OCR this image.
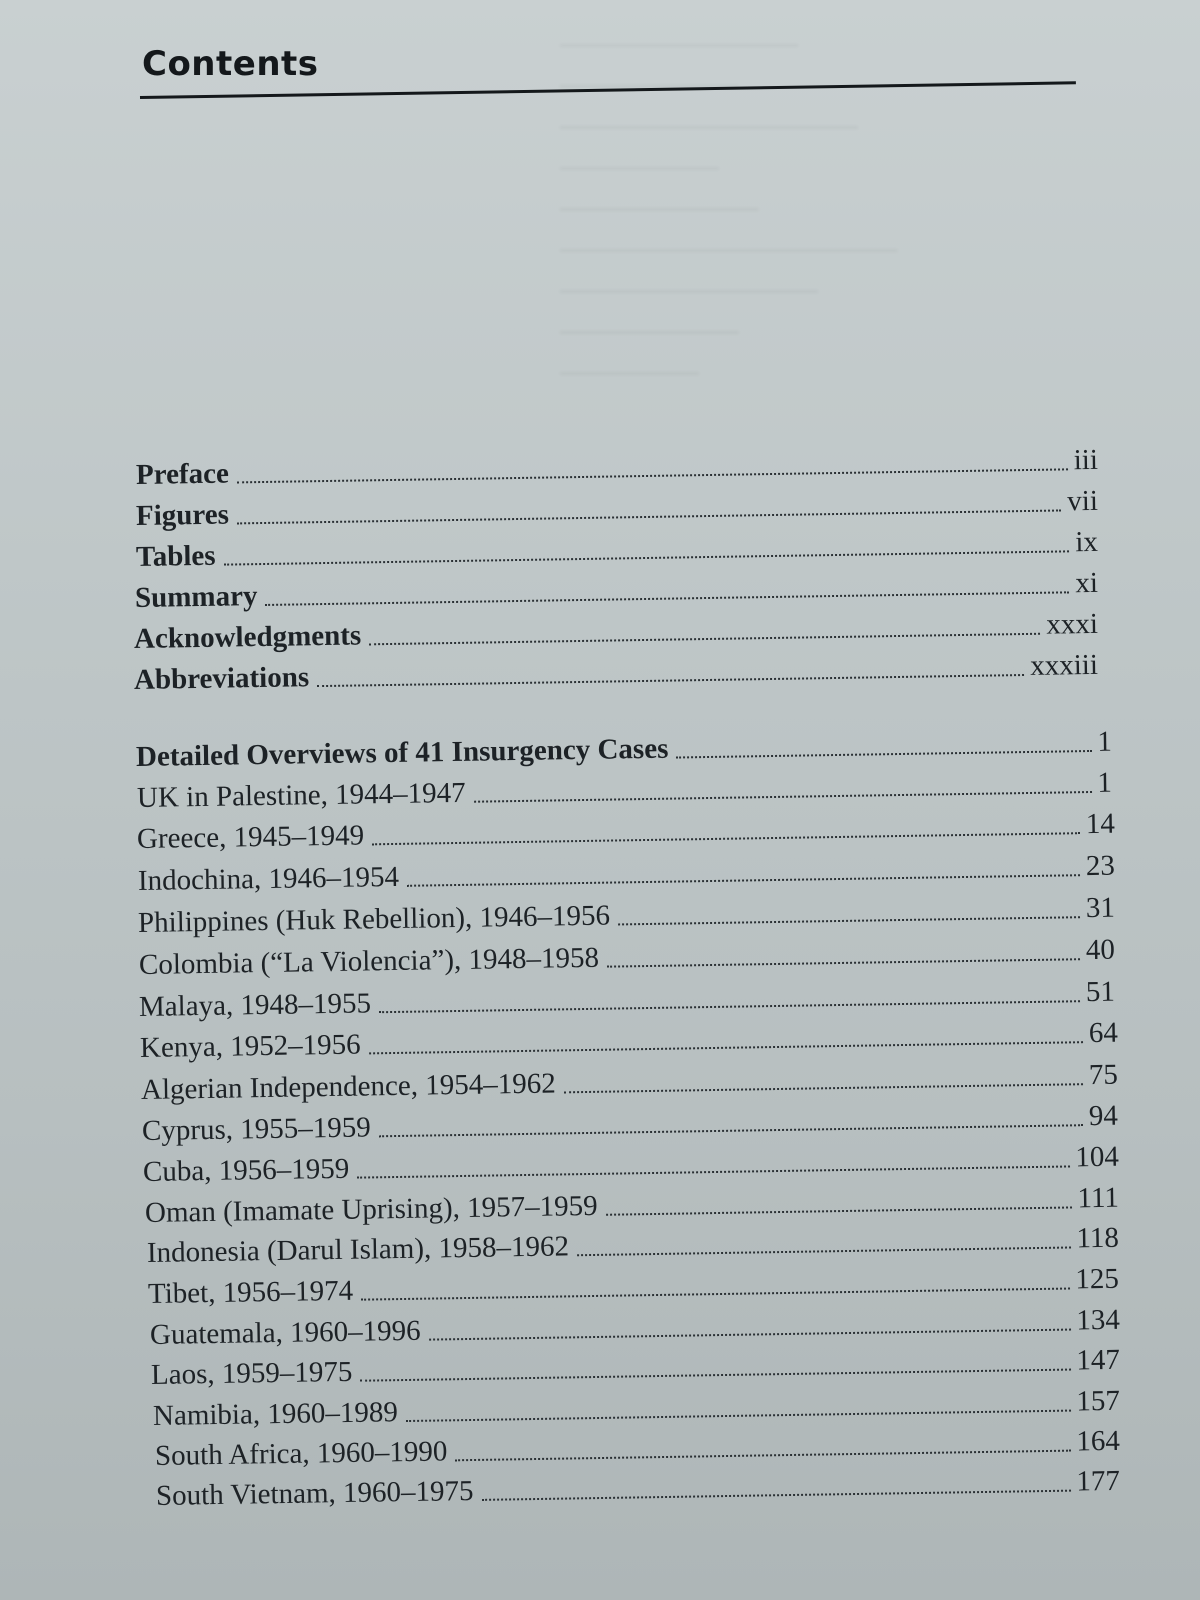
────────────
─────────
───────────────
────────
──────────
─────────────────
─────────────
─────────
───────
Contents
Preface	iii
Figures	vii
Tables	ix
Summary	xi
Acknowledgments	xxxi
Abbreviations	xxxiii
Detailed Overviews of 41 Insurgency Cases	1
UK in Palestine, 1944–1947	1
Greece, 1945–1949	14
Indochina, 1946–1954	23
Philippines (Huk Rebellion), 1946–1956	31
Colombia (“La Violencia”), 1948–1958	40
Malaya, 1948–1955	51
Kenya, 1952–1956	64
Algerian Independence, 1954–1962	75
Cyprus, 1955–1959	94
Cuba, 1956–1959	104
Oman (Imamate Uprising), 1957–1959	111
Indonesia (Darul Islam), 1958–1962	118
Tibet, 1956–1974	125
Guatemala, 1960–1996	134
Laos, 1959–1975	147
Namibia, 1960–1989	157
South Africa, 1960–1990	164
South Vietnam, 1960–1975	177
